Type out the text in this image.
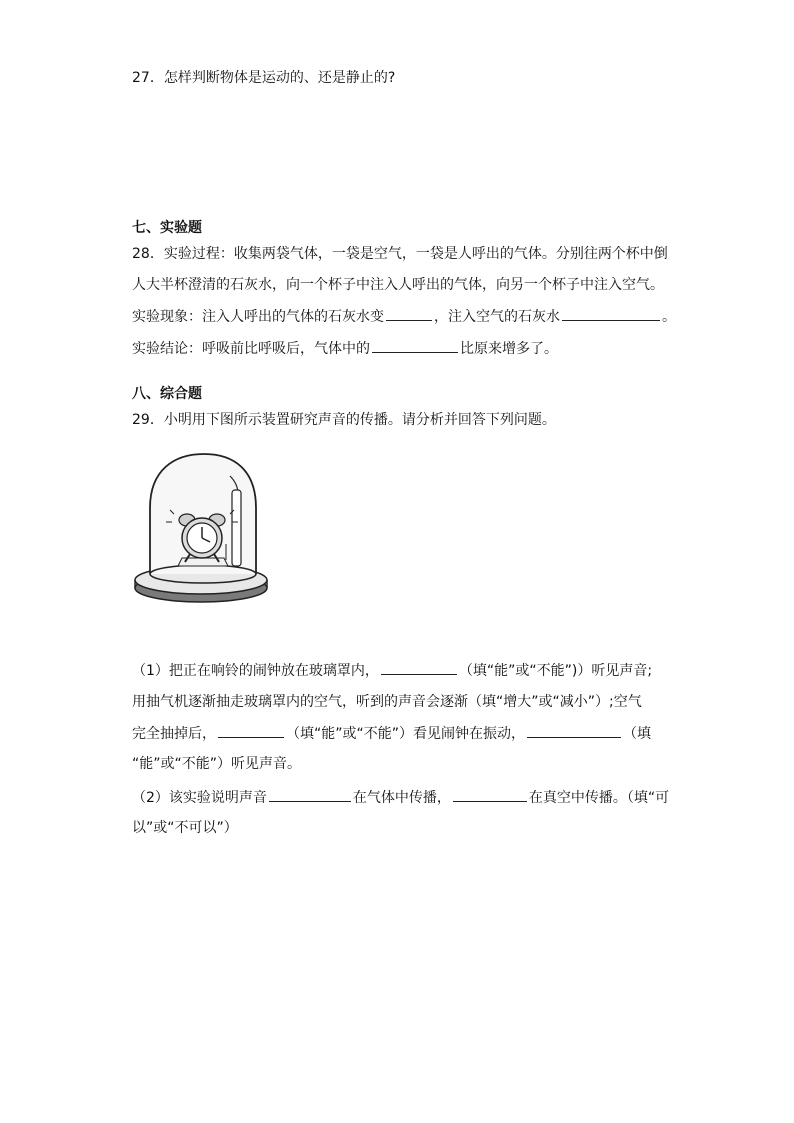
27．怎样判断物体是运动的、还是静止的?
七、实验题
28．实验过程：收集两袋气体，一袋是空气，一袋是人呼出的气体。分别往两个杯中倒
人大半杯澄清的石灰水，向一个杯子中注入人呼出的气体，向另一个杯子中注入空气。
实验现象：注入人呼出的气体的石灰水变	，注入空气的石灰水	。
实验结论：呼吸前比呼吸后，气体中的	比原来增多了。
八、综合题
29．小明用下图所示装置研究声音的传播。请分析并回答下列问题。
（1）把正在响铃的闹钟放在玻璃罩内，	（填“能”或“不能”)）听见声音;
用抽气机逐渐抽走玻璃罩内的空气，听到的声音会逐渐（填“增大”或“减小”）;空气
完全抽掉后，	（填“能”或“不能”）看见闹钟在振动，	（填
“能”或“不能”）听见声音。
（2）该实验说明声音	在气体中传播，	在真空中传播。（填“可
以”或“不可以”）
